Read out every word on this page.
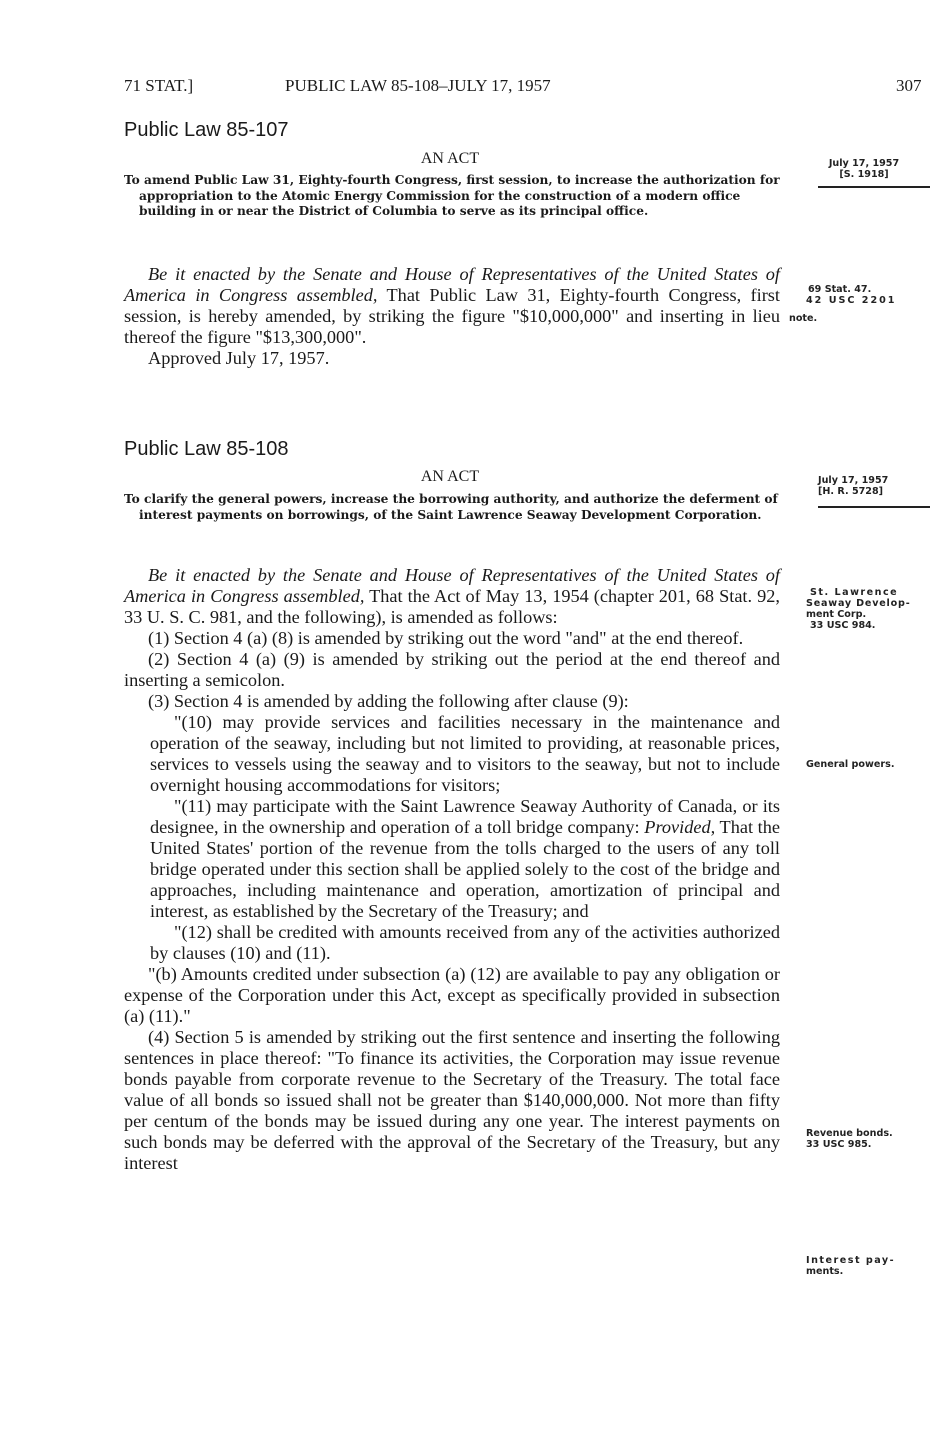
71 STAT.]	PUBLIC LAW 85-108–JULY 17, 1957	307
Public Law 85-107
AN ACT
To amend Public Law 31, Eighty-fourth Congress, first session, to increase the authorization for appropriation to the Atomic Energy Commission for the construction of a modern office building in or near the District of Columbia to serve as its principal office.
July 17, 1957
[S. 1918]

Be it enacted by the Senate and House of Representatives of the United States of America in Congress assembled, That Public Law 31, Eighty-fourth Congress, first session, is hereby amended, by striking the figure "$10,000,000" and inserting in lieu thereof the figure "$13,300,000".

Approved July 17, 1957.

69 Stat. 47.
42 USC 2201
note.
Public Law 85-108
AN ACT
To clarify the general powers, increase the borrowing authority, and authorize the deferment of interest payments on borrowings, of the Saint Lawrence Seaway Development Corporation.
July 17, 1957
[H. R. 5728]

Be it enacted by the Senate and House of Representatives of the United States of America in Congress assembled, That the Act of May 13, 1954 (chapter 201, 68 Stat. 92, 33 U. S. C. 981, and the following), is amended as follows:

(1) Section 4 (a) (8) is amended by striking out the word "and" at the end thereof.

(2) Section 4 (a) (9) is amended by striking out the period at the end thereof and inserting a semicolon.

(3) Section 4 is amended by adding the following after clause (9):

"(10) may provide services and facilities necessary in the maintenance and operation of the seaway, including but not limited to providing, at reasonable prices, services to vessels using the seaway and to visitors to the seaway, but not to include overnight housing accommodations for visitors;

"(11) may participate with the Saint Lawrence Seaway Authority of Canada, or its designee, in the ownership and operation of a toll bridge company: Provided, That the United States' portion of the revenue from the tolls charged to the users of any toll bridge operated under this section shall be applied solely to the cost of the bridge and approaches, including maintenance and operation, amortization of principal and interest, as established by the Secretary of the Treasury; and

"(12) shall be credited with amounts received from any of the activities authorized by clauses (10) and (11).

"(b) Amounts credited under subsection (a) (12) are available to pay any obligation or expense of the Corporation under this Act, except as specifically provided in subsection (a) (11)."

(4) Section 5 is amended by striking out the first sentence and inserting the following sentences in place thereof: "To finance its activities, the Corporation may issue revenue bonds payable from corporate revenue to the Secretary of the Treasury. The total face value of all bonds so issued shall not be greater than $140,000,000. Not more than fifty per centum of the bonds may be issued during any one year. The interest payments on such bonds may be deferred with the approval of the Secretary of the Treasury, but any interest

St. Lawrence
Seaway Develop-
ment Corp.
33 USC 984.
General powers.
Revenue bonds.
33 USC 985.
Interest pay-
ments.
